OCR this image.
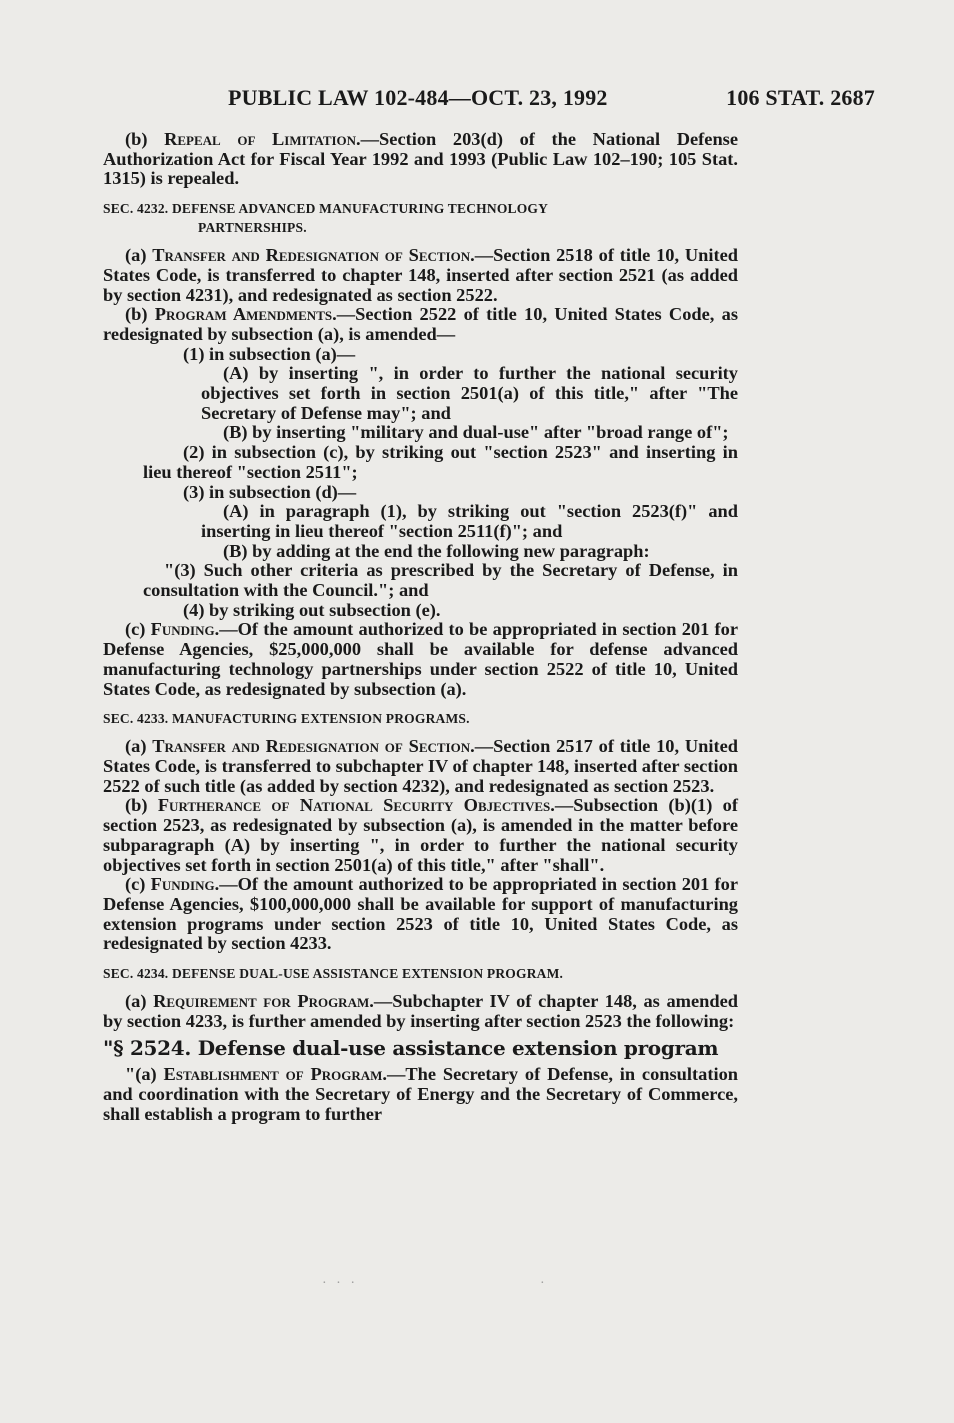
PUBLIC LAW 102-484—OCT. 23, 1992	106 STAT. 2687

(b) Repeal of Limitation.—Section 203(d) of the National Defense Authorization Act for Fiscal Year 1992 and 1993 (Public Law 102–190; 105 Stat. 1315) is repealed.

SEC. 4232. DEFENSE ADVANCED MANUFACTURING TECHNOLOGY
PARTNERSHIPS.

(a) Transfer and Redesignation of Section.—Section 2518 of title 10, United States Code, is transferred to chapter 148, inserted after section 2521 (as added by section 4231), and redesignated as section 2522.

(b) Program Amendments.—Section 2522 of title 10, United States Code, as redesignated by subsection (a), is amended—

(1) in subsection (a)—

(A) by inserting ", in order to further the national security objectives set forth in section 2501(a) of this title," after "The Secretary of Defense may"; and

(B) by inserting "military and dual-use" after "broad range of";

(2) in subsection (c), by striking out "section 2523" and inserting in lieu thereof "section 2511";

(3) in subsection (d)—

(A) in paragraph (1), by striking out "section 2523(f)" and inserting in lieu thereof "section 2511(f)"; and

(B) by adding at the end the following new paragraph:

"(3) Such other criteria as prescribed by the Secretary of Defense, in consultation with the Council."; and

(4) by striking out subsection (e).

(c) Funding.—Of the amount authorized to be appropriated in section 201 for Defense Agencies, $25,000,000 shall be available for defense advanced manufacturing technology partnerships under section 2522 of title 10, United States Code, as redesignated by subsection (a).

SEC. 4233. MANUFACTURING EXTENSION PROGRAMS.

(a) Transfer and Redesignation of Section.—Section 2517 of title 10, United States Code, is transferred to subchapter IV of chapter 148, inserted after section 2522 of such title (as added by section 4232), and redesignated as section 2523.

(b) Furtherance of National Security Objectives.—Subsection (b)(1) of section 2523, as redesignated by subsection (a), is amended in the matter before subparagraph (A) by inserting ", in order to further the national security objectives set forth in section 2501(a) of this title," after "shall".

(c) Funding.—Of the amount authorized to be appropriated in section 201 for Defense Agencies, $100,000,000 shall be available for support of manufacturing extension programs under section 2523 of title 10, United States Code, as redesignated by section 4233.

SEC. 4234. DEFENSE DUAL-USE ASSISTANCE EXTENSION PROGRAM.

(a) Requirement for Program.—Subchapter IV of chapter 148, as amended by section 4233, is further amended by inserting after section 2523 the following:

"§ 2524. Defense dual-use assistance extension program

"(a) Establishment of Program.—The Secretary of Defense, in consultation and coordination with the Secretary of Energy and the Secretary of Commerce, shall establish a program to further

· · ·                            ·
